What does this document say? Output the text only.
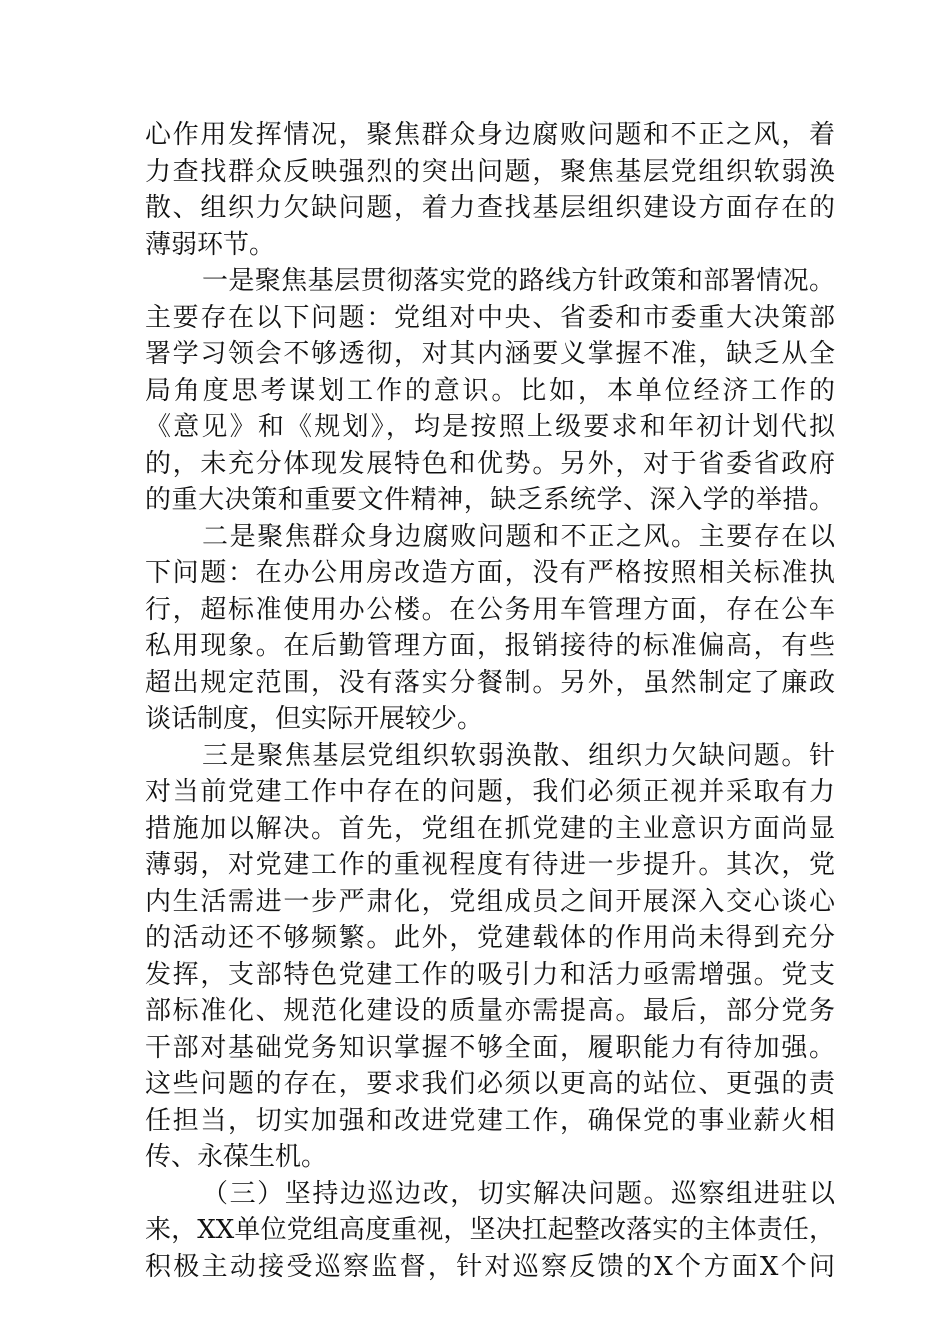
心作用发挥情况，聚焦群众身边腐败问题和不正之风，着
力查找群众反映强烈的突出问题，聚焦基层党组织软弱涣
散、组织力欠缺问题，着力查找基层组织建设方面存在的
薄弱环节。
一是聚焦基层贯彻落实党的路线方针政策和部署情况。
主要存在以下问题：党组对中央、省委和市委重大决策部
署学习领会不够透彻，对其内涵要义掌握不准，缺乏从全
局角度思考谋划工作的意识。比如，本单位经济工作的
《意见》和《规划》，均是按照上级要求和年初计划代拟
的，未充分体现发展特色和优势。另外，对于省委省政府
的重大决策和重要文件精神，缺乏系统学、深入学的举措。
二是聚焦群众身边腐败问题和不正之风。主要存在以
下问题：在办公用房改造方面，没有严格按照相关标准执
行，超标准使用办公楼。在公务用车管理方面，存在公车
私用现象。在后勤管理方面，报销接待的标准偏高，有些
超出规定范围，没有落实分餐制。另外，虽然制定了廉政
谈话制度，但实际开展较少。
三是聚焦基层党组织软弱涣散、组织力欠缺问题。针
对当前党建工作中存在的问题，我们必须正视并采取有力
措施加以解决。首先，党组在抓党建的主业意识方面尚显
薄弱，对党建工作的重视程度有待进一步提升。其次，党
内生活需进一步严肃化，党组成员之间开展深入交心谈心
的活动还不够频繁。此外，党建载体的作用尚未得到充分
发挥，支部特色党建工作的吸引力和活力亟需增强。党支
部标准化、规范化建设的质量亦需提高。最后，部分党务
干部对基础党务知识掌握不够全面，履职能力有待加强。
这些问题的存在，要求我们必须以更高的站位、更强的责
任担当，切实加强和改进党建工作，确保党的事业薪火相
传、永葆生机。
（三）坚持边巡边改，切实解决问题。巡察组进驻以
来，XX单位党组高度重视，坚决扛起整改落实的主体责任，
积极主动接受巡察监督，针对巡察反馈的X个方面X个问
